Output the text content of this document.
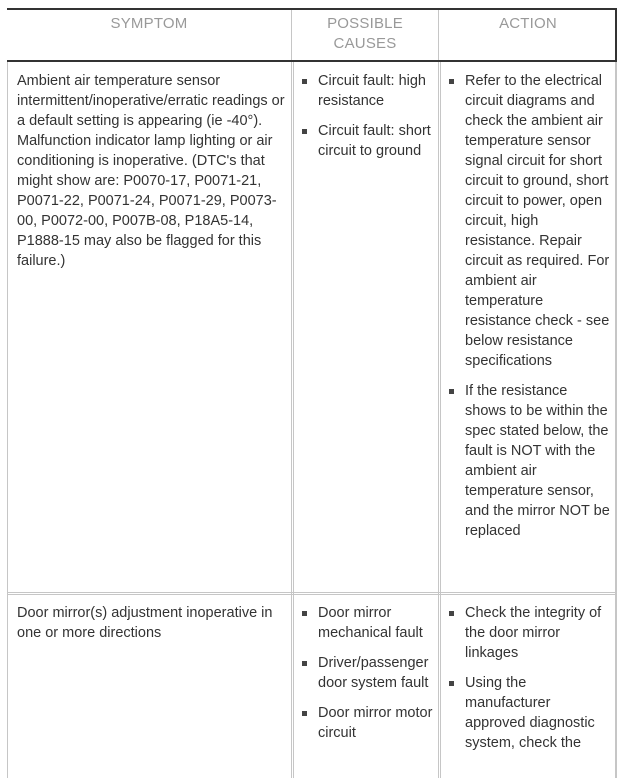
SYMPTOM	POSSIBLE
CAUSES
ACTION
Ambient air temperature sensor intermittent/inoperative/erratic readings or a default setting is appearing (ie -40°). Malfunction indicator lamp lighting or air conditioning is inoperative. (DTC's that might show are: P0070-17, P0071-21, P0071-22, P0071-24, P0071-29, P0073-00, P0072-00, P007B-08, P18A5-14, P1888-15 may also be flagged for this failure.)
Circuit fault: high resistance
Circuit fault: short circuit to ground
Refer to the electrical circuit diagrams and check the ambient air temperature sensor signal circuit for short circuit to ground, short circuit to power, open circuit, high resistance. Repair circuit as required. For ambient air temperature resistance check - see below resistance specifications
If the resistance shows to be within the spec stated below, the fault is NOT with the ambient air temperature sensor, and the mirror NOT be replaced
Door mirror(s) adjustment inoperative in one or more directions
Door mirror mechanical fault
Driver/passenger door system fault
Door mirror motor circuit
Check the integrity of the door mirror linkages
Using the manufacturer approved diagnostic system, check the
